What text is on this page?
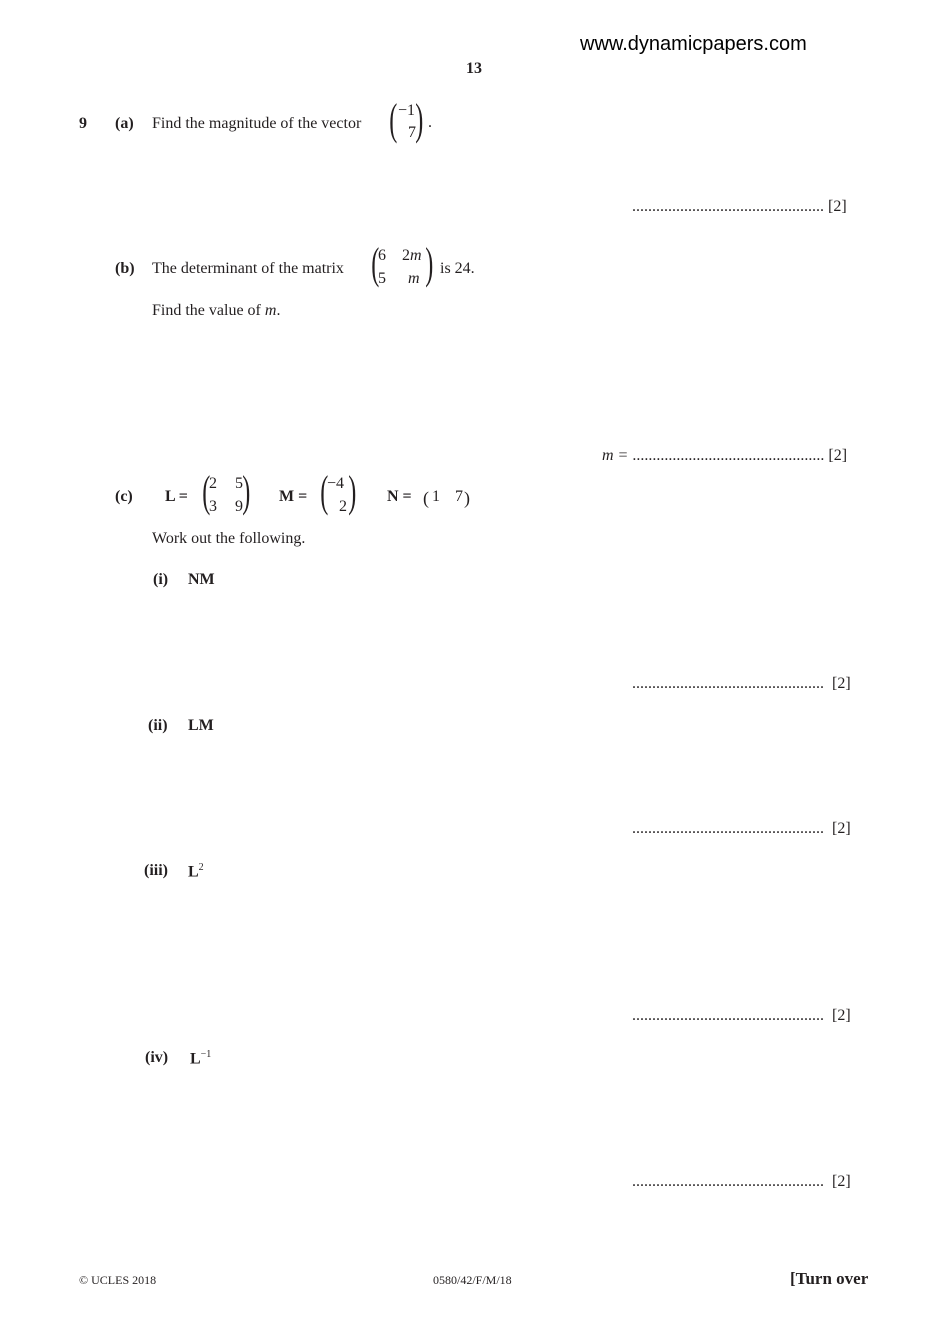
www.dynamicpapers.com
13
9 (a) Find the magnitude of the vector ( −1
7 ) .
................................................ [2]
(b) The determinant of the matrix (
6 2m
5 m ) is 24.
Find the value of m.
m = ................................................ [2]
(c) L = (
2 5
3 9 ) M = (
−4
2 ) N = ( 1 7 )
Work out the following.
(i) NM
................................................ [2]
(ii) LM
................................................ [2]
(iii) $L^2$
................................................ [2]
(iv) $L^{-1}$
................................................ [2]
© UCLES 2018	0580/42/F/M/18	[Turn over
